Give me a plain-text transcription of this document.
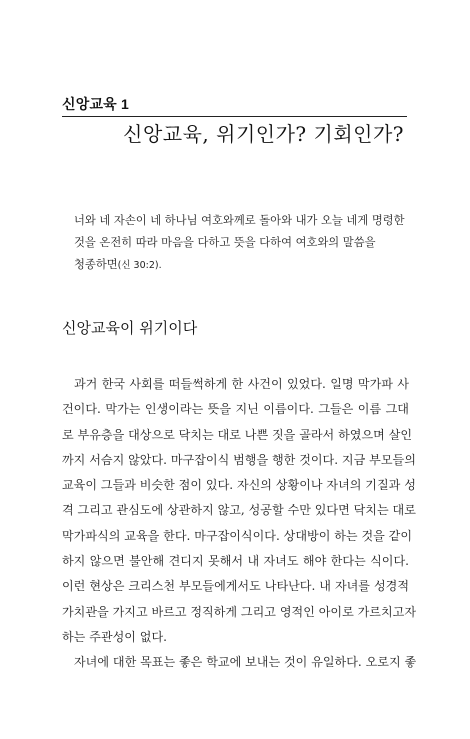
신앙교육 1
신앙교육, 위기인가? 기회인가?
너와 네 자손이 네 하나님 여호와께로 돌아와 내가 오늘 네게 명령한
것을 온전히 따라 마음을 다하고 뜻을 다하여 여호와의 말씀을
청종하면(신 30:2).
신앙교육이 위기이다
과거 한국 사회를 떠들썩하게 한 사건이 있었다. 일명 막가파 사
건이다. 막가는 인생이라는 뜻을 지닌 이름이다. 그들은 이름 그대
로 부유층을 대상으로 닥치는 대로 나쁜 짓을 골라서 하였으며 살인
까지 서슴지 않았다. 마구잡이식 범행을 행한 것이다. 지금 부모들의
교육이 그들과 비슷한 점이 있다. 자신의 상황이나 자녀의 기질과 성
격 그리고 관심도에 상관하지 않고, 성공할 수만 있다면 닥치는 대로
막가파식의 교육을 한다. 마구잡이식이다. 상대방이 하는 것을 같이
하지 않으면 불안해 견디지 못해서 내 자녀도 해야 한다는 식이다.
이런 현상은 크리스천 부모들에게서도 나타난다. 내 자녀를 성경적
가치관을 가지고 바르고 정직하게 그리고 영적인 아이로 가르치고자
하는 주관성이 없다.
자녀에 대한 목표는 좋은 학교에 보내는 것이 유일하다. 오로지 좋
